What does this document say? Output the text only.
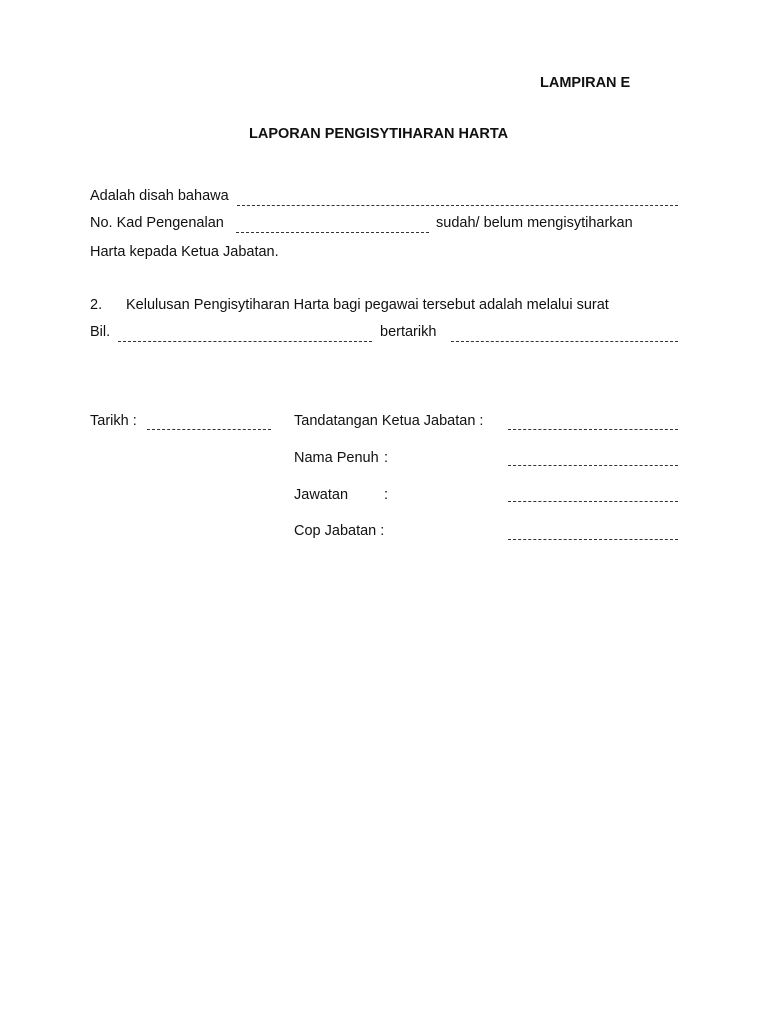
LAMPIRAN E
LAPORAN PENGISYTIHARAN HARTA
Adalah disah bahawa
No. Kad Pengenalan	sudah/ belum mengisytiharkan
Harta kepada Ketua Jabatan.
2. Kelulusan Pengisytiharan Harta bagi pegawai tersebut adalah melalui surat
Bil.	bertarikh
Tarikh :	Tandatangan Ketua Jabatan :
Nama Penuh :
Jawatan :
Cop Jabatan :
